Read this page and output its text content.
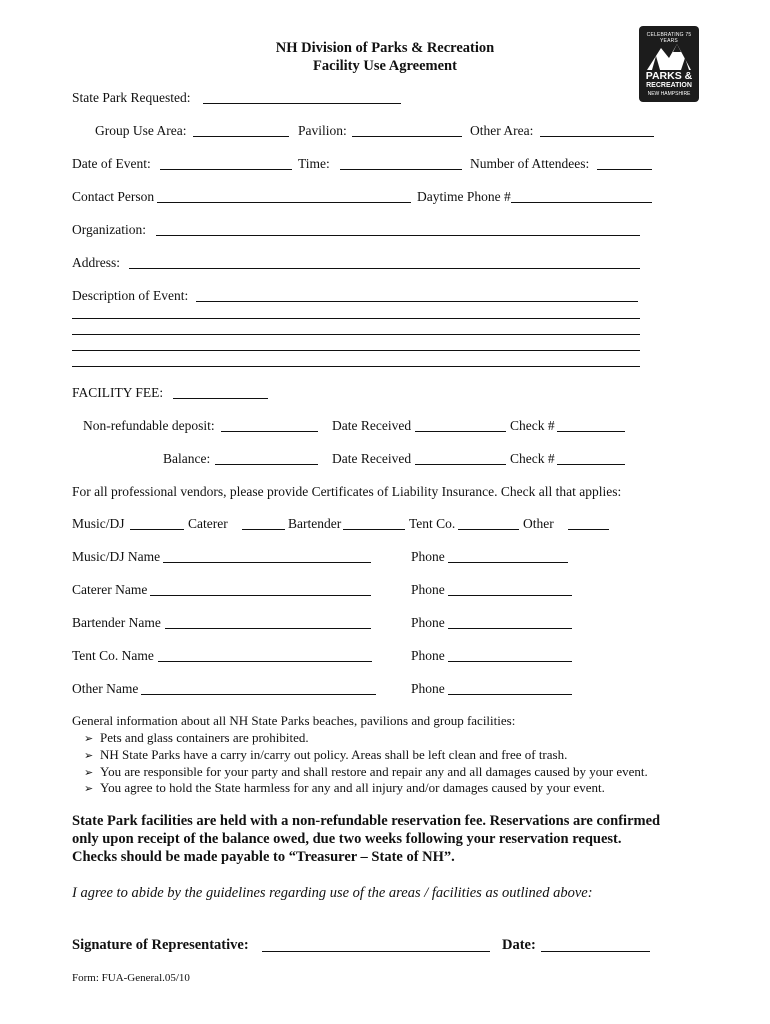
NH Division of Parks & Recreation
Facility Use Agreement
CELEBRATING 75 YEARS
PARKS &
RECREATION
NEW HAMPSHIRE
State Park Requested:
Group Use Area:	Pavilion:	Other Area:
Date of Event:	Time:	Number of Attendees:
Contact Person	Daytime Phone #
Organization:
Address:
Description of Event:
FACILITY FEE:
Non-refundable deposit:	Date Received	Check #
Balance:	Date Received	Check #
For all professional vendors, please provide Certificates of Liability Insurance. Check all that applies:
Music/DJ	Caterer	Bartender	Tent Co.	Other
Music/DJ Name	Phone
Caterer Name	Phone
Bartender Name	Phone
Tent Co. Name	Phone
Other Name	Phone
General information about all NH State Parks beaches, pavilions and group facilities:
➢ Pets and glass containers are prohibited.
➢ NH State Parks have a carry in/carry out policy. Areas shall be left clean and free of trash.
➢ You are responsible for your party and shall restore and repair any and all damages caused by your event.
➢ You agree to hold the State harmless for any and all injury and/or damages caused by your event.
State Park facilities are held with a non-refundable reservation fee. Reservations are confirmed
only upon receipt of the balance owed, due two weeks following your reservation request.
Checks should be made payable to “Treasurer – State of NH”.
I agree to abide by the guidelines regarding use of the areas / facilities as outlined above:
Signature of Representative:	Date:
Form: FUA-General.05/10
